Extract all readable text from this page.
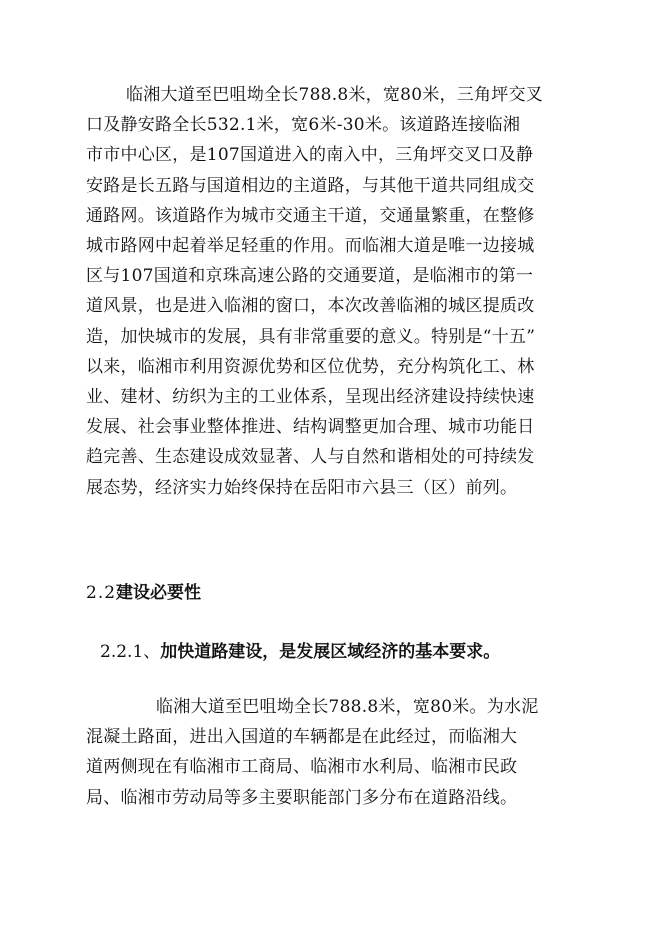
临湘大道至巴咀坳全长788.8米，宽80米，三角坪交叉
口及静安路全长532.1米，宽6米-30米。该道路连接临湘
市市中心区，是107国道进入的南入中，三角坪交叉口及静
安路是长五路与国道相边的主道路，与其他干道共同组成交
通路网。该道路作为城市交通主干道，交通量繁重，在整修
城市路网中起着举足轻重的作用。而临湘大道是唯一边接城
区与107国道和京珠高速公路的交通要道，是临湘市的第一
道风景，也是进入临湘的窗口，本次改善临湘的城区提质改
造，加快城市的发展，具有非常重要的意义。特别是“十五”
以来，临湘市利用资源优势和区位优势，充分构筑化工、林
业、建材、纺织为主的工业体系，呈现出经济建设持续快速
发展、社会事业整体推进、结构调整更加合理、城市功能日
趋完善、生态建设成效显著、人与自然和谐相处的可持续发
展态势，经济实力始终保持在岳阳市六县三（区）前列。

2.2建设必要性
2.2.1、加快道路建设，是发展区域经济的基本要求。

临湘大道至巴咀坳全长788.8米，宽80米。为水泥
混凝土路面，进出入国道的车辆都是在此经过，而临湘大
道两侧现在有临湘市工商局、临湘市水利局、临湘市民政
局、临湘市劳动局等多主要职能部门多分布在道路沿线。
